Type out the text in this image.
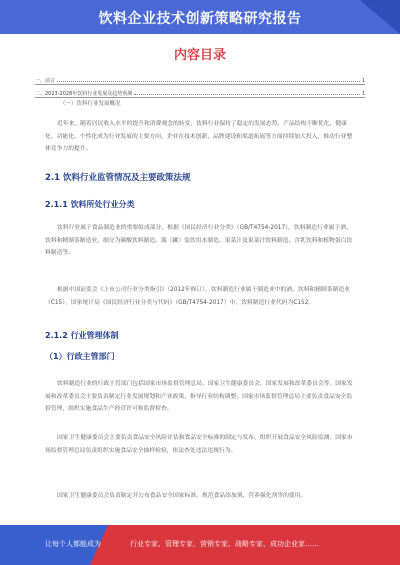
饮料企业技术创新策略研究报告
内容目录
一、前言	1
二、2023-2028年饮料行业发展及趋势预测	1
（一）饮料行业发展概况
近年来，随着居民收入水平的提升和消费观念的转变，饮料行业保持了稳定的发展态势。产品结构不断优化，健康化、功能化、个性化成为行业发展的主要方向，企业在技术创新、品牌建设和渠道拓展等方面持续加大投入，推动行业整体竞争力的提升。
2.1 饮料行业监管情况及主要政策法规
2.1.1 饮料所处行业分类
饮料行业属于食品制造业的重要组成部分。根据《国民经济行业分类》（GB/T4754-2017），饮料制造行业属于酒、饮料和精制茶制造业，细分为碳酸饮料制造、瓶（罐）装饮用水制造、果菜汁及果菜汁饮料制造、含乳饮料和植物蛋白饮料制造等。
根据中国证监会《上市公司行业分类指引》（2012年修订），饮料制造行业属于制造业中的酒、饮料和精制茶制造业（C15），国家统计局《国民经济行业分类与代码》（GB/T4754-2017）中，饮料制造行业代码为C152。
2.1.2 行业管理体制
（1）行政主管部门
饮料制造行业的行政主管部门包括国家市场监督管理总局、国家卫生健康委员会、国家发展和改革委员会等。国家发展和改革委员会主要负责制定行业发展规划和产业政策，指导行业结构调整；国家市场监督管理总局主要负责食品安全监督管理，组织实施食品生产经营许可和监督检查。
国家卫生健康委员会主要负责食品安全风险评估和食品安全标准的制定与发布，组织开展食品安全风险监测；国家市场监督管理总局负责组织实施食品安全抽样检验，依法查处违法违规行为。
国家卫生健康委员会负责制定并公布食品安全国家标准，规范食品添加剂、营养强化剂等的使用。
让每个人都能成为	行业专家、管理专家、营销专家、战略专家、成功企业家……
